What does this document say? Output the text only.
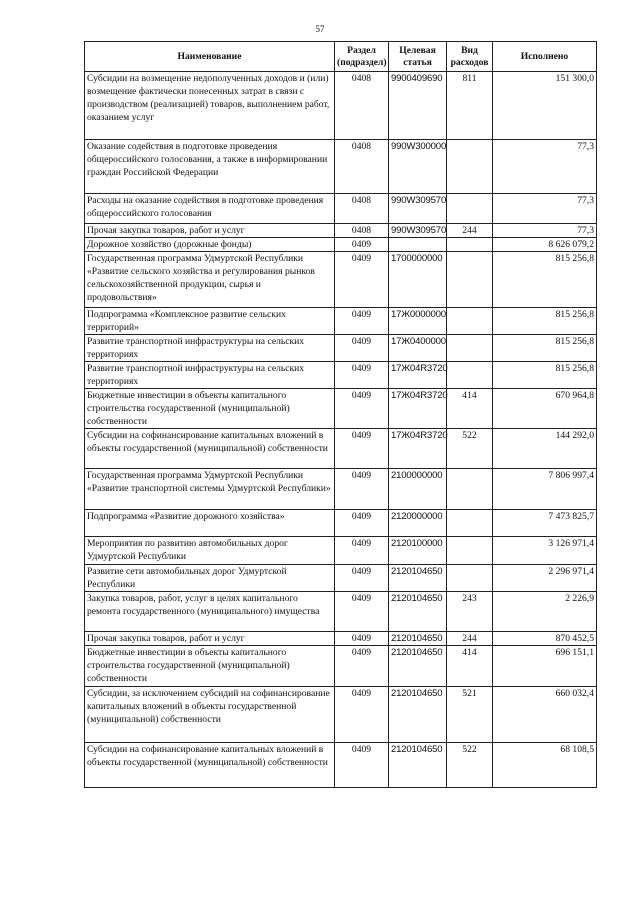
57
Наименование	Раздел (подраздел)	Целевая статья	Вид расходов	Исполнено
Субсидии на возмещение недополученных доходов и (или) возмещение фактически понесенных затрат в связи с производством (реализацией) товаров, выполнением работ, оказанием услуг	0408	9900409690	811	151 300,0
Оказание содействия в подготовке проведения общероссийского голосования, а также в информировании граждан Российской Федерации	0408	990W300000		77,3
Расходы на оказание содействия в подготовке проведения общероссийского голосования	0408	990W309570		77,3
Прочая закупка товаров, работ и услуг	0408	990W309570	244	77,3
Дорожное хозяйство (дорожные фонды)	0409			8 626 079,2
Государственная программа Удмуртской Республики «Развитие сельского хозяйства и регулирования рынков сельскохозяйственной продукции, сырья и продовольствия»	0409	1700000000		815 256,8
Подпрограмма «Комплексное развитие сельских территорий»	0409	17Ж0000000		815 256,8
Развитие транспортной инфраструктуры на сельских территориях	0409	17Ж0400000		815 256,8
Развитие транспортной инфраструктуры на сельских территориях	0409	17Ж04R3720		815 256,8
Бюджетные инвестиции в объекты капитального строительства государственной (муниципальной) собственности	0409	17Ж04R3720	414	670 964,8
Субсидии на софинансирование капитальных вложений в объекты государственной (муниципальной) собственности	0409	17Ж04R3720	522	144 292,0
Государственная программа Удмуртской Республики «Развитие транспортной системы Удмуртской Республики»	0409	2100000000		7 806 997,4
Подпрограмма «Развитие дорожного хозяйства»	0409	2120000000		7 473 825,7
Мероприятия по развитию автомобильных дорог Удмуртской Республики	0409	2120100000		3 126 971,4
Развитие сети автомобильных дорог Удмуртской Республики	0409	2120104650		2 296 971,4
Закупка товаров, работ, услуг в целях капитального ремонта государственного (муниципального) имущества	0409	2120104650	243	2 226,9
Прочая закупка товаров, работ и услуг	0409	2120104650	244	870 452,5
Бюджетные инвестиции в объекты капитального строительства государственной (муниципальной) собственности	0409	2120104650	414	696 151,1
Субсидии, за исключением субсидий на софинансирование капитальных вложений в объекты государственной (муниципальной) собственности	0409	2120104650	521	660 032,4
Субсидии на софинансирование капитальных вложений в объекты государственной (муниципальной) собственности	0409	2120104650	522	68 108,5
